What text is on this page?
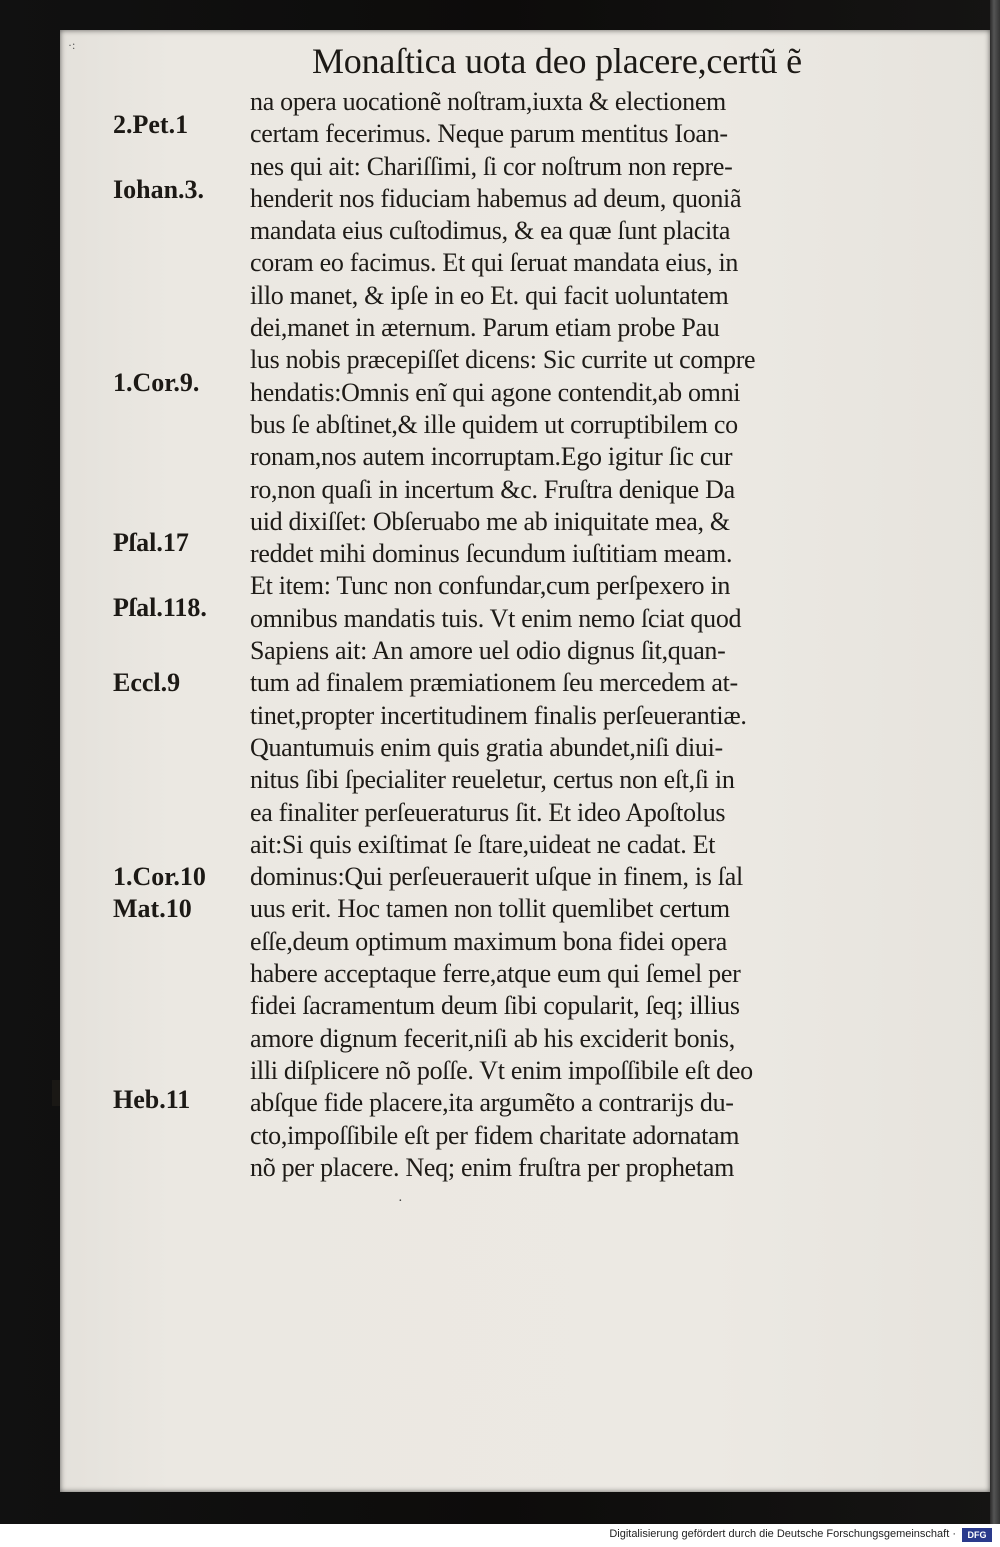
·:	Monaſtica uota deo placere,certũ ẽ
2.Pet.1
Iohan.3.
1.Cor.9.
Pſal.17
Pſal.118.
Eccl.9
1.Cor.10
Mat.10
Heb.11
na opera uocationẽ noſtram,iuxta & electionem
certam fecerimus. Neque parum mentitus Ioan-
nes qui ait: Chariſſimi, ſi cor noſtrum non repre-
henderit nos fiduciam habemus ad deum, quoniã
mandata eius cuſtodimus, & ea quæ ſunt placita
coram eo facimus. Et qui ſeruat mandata eius, in
illo manet, & ipſe in eo Et. qui facit uoluntatem
dei,manet in æternum. Parum etiam probe Pau
lus nobis præcepiſſet dicens: Sic currite ut compre
hendatis:Omnis enĩ qui agone contendit,ab omni
bus ſe abſtinet,& ille quidem ut corruptibilem co
ronam,nos autem incorruptam.Ego igitur ſic cur
ro,non quaſi in incertum &c. Fruſtra denique Da
uid dixiſſet: Obſeruabo me ab iniquitate mea, &
reddet mihi dominus ſecundum iuſtitiam meam.
Et item: Tunc non confundar,cum perſpexero in
omnibus mandatis tuis. Vt enim nemo ſciat quod
Sapiens ait: An amore uel odio dignus ſit,quan-
tum ad finalem præmiationem ſeu mercedem at-
tinet,propter incertitudinem finalis perſeuerantiæ.
Quantumuis enim quis gratia abundet,niſi diui-
nitus ſibi ſpecialiter reueletur, certus non eſt,ſi in
ea finaliter perſeueraturus ſit. Et ideo Apoſtolus
ait:Si quis exiſtimat ſe ſtare,uideat ne cadat. Et
dominus:Qui perſeuerauerit uſque in finem, is ſal
uus erit. Hoc tamen non tollit quemlibet certum
eſſe,deum optimum maximum bona fidei opera
habere acceptaque ferre,atque eum qui ſemel per
fidei ſacramentum deum ſibi copularit, ſeq; illius
amore dignum fecerit,niſi ab his exciderit bonis,
illi diſplicere nõ poſſe. Vt enim impoſſibile eſt deo
abſque fide placere,ita argumẽto a contrarijs du-
cto,impoſſibile eſt per fidem charitate adornatam
nõ per placere. Neq; enim fruſtra per prophetam
·
Digitalisierung gefördert durch die Deutsche Forschungsgemeinschaft ·	DFG
